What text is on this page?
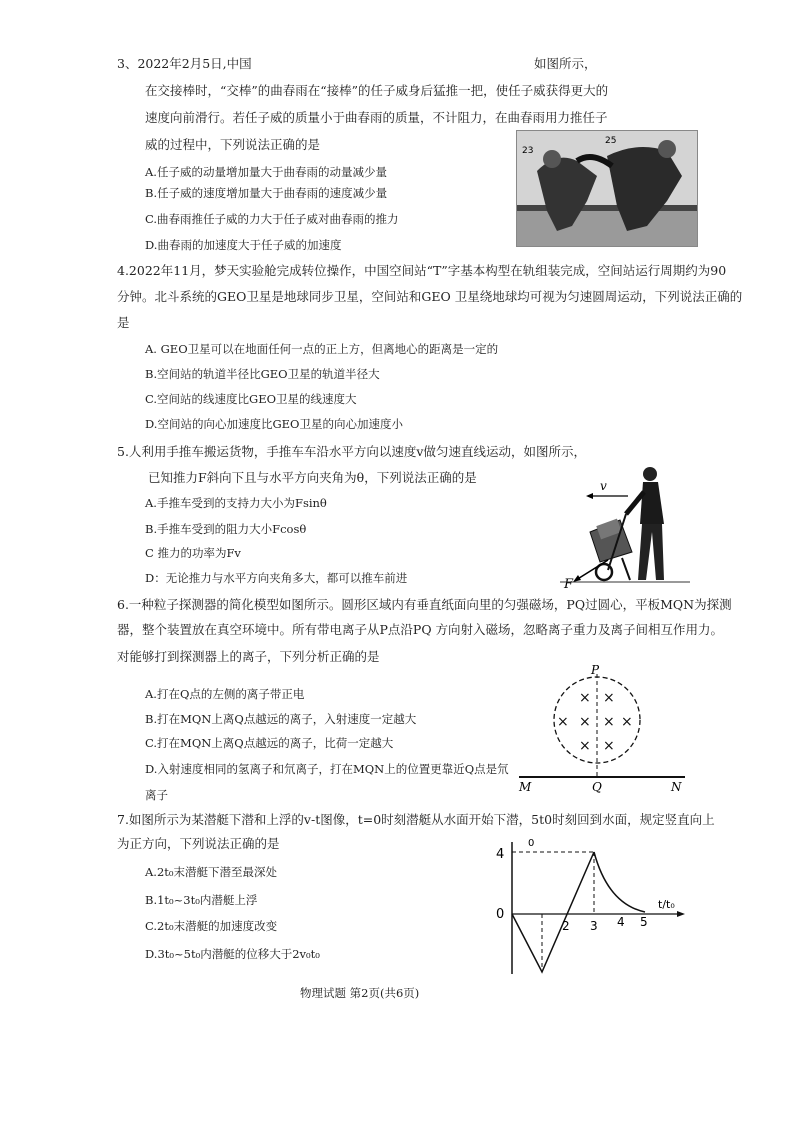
3、2022年2月5日,中国	如图所示，
在交接棒时，“交棒”的曲春雨在“接棒”的任子威身后猛推一把，使任子威获得更大的
速度向前滑行。若任子威的质量小于曲春雨的质量，不计阻力，在曲春雨用力推任子
威的过程中，下列说法正确的是
A.任子威的动量增加量大于曲春雨的动量减少量
B.任子威的速度增加量大于曲春雨的速度减少量
C.曲春雨推任子威的力大于任子威对曲春雨的推力
D.曲春雨的加速度大于任子威的加速度
23
25
4.2022年11月，梦天实验舱完成转位操作，中国空间站“T”字基本构型在轨组装完成，空间站运行周期约为90
分钟。北斗系统的GEO卫星是地球同步卫星，空间站和GEO 卫星绕地球均可视为匀速圆周运动，下列说法正确的
是
A. GEO卫星可以在地面任何一点的正上方，但离地心的距离是一定的
B.空间站的轨道半径比GEO卫星的轨道半径大
C.空间站的线速度比GEO卫星的线速度大
D.空间站的向心加速度比GEO卫星的向心加速度小
5.人利用手推车搬运货物，手推车车沿水平方向以速度v做匀速直线运动，如图所示，
已知推力F斜向下且与水平方向夹角为θ，下列说法正确的是
A.手推车受到的支持力大小为Fsinθ
B.手推车受到的阻力大小Fcosθ
C 推力的功率为Fv
D：无论推力与水平方向夹角多大，都可以推车前进
v
F
6.一种粒子探测器的简化模型如图所示。圆形区域内有垂直纸面向里的匀强磁场，PQ过圆心，平板MQN为探测
器，整个装置放在真空环境中。所有带电离子从P点沿PQ 方向射入磁场，忽略离子重力及离子间相互作用力。
对能够打到探测器上的离子，下列分析正确的是
A.打在Q点的左侧的离子带正电
B.打在MQN上离Q点越远的离子，入射速度一定越大
C.打在MQN上离Q点越远的离子，比荷一定越大
D.入射速度相同的氢离子和氘离子，打在MQN上的位置更靠近Q点是氘
离子
P
× ×
× × × ×
× ×
M	Q	N
7.如图所示为某潜艇下潜和上浮的v-t图像，t=0时刻潜艇从水面开始下潜，5t0时刻回到水面，规定竖直向上
为正方向，下列说法正确的是
A.2t₀末潜艇下潜至最深处
B.1t₀~3t₀内潜艇上浮
C.2t₀末潜艇的加速度改变
D.3t₀~5t₀内潜艇的位移大于2v₀t₀
4
0
0
2 3 4 5
t/t₀
物理试题 第2页(共6页)
